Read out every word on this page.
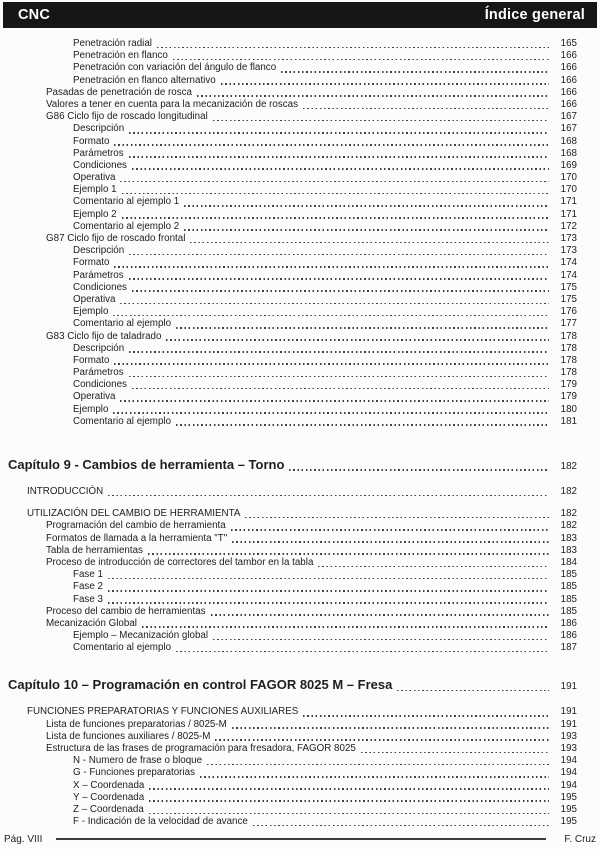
CNC	Índice general
Penetración radial	165
Penetración en flanco	166
Penetración con variación del ángulo de flanco	166
Penetración en flanco alternativo	166
Pasadas de penetración de rosca	166
Valores a tener en cuenta para la mecanización de roscas	166
G86 Ciclo fijo de roscado longitudinal	167
Descripción	167
Formato	168
Parámetros	168
Condiciones	169
Operativa	170
Ejemplo 1	170
Comentario al ejemplo 1	171
Ejemplo 2	171
Comentario al ejemplo 2	172
G87 Ciclo fijo de roscado frontal	173
Descripción	173
Formato	174
Parámetros	174
Condiciones	175
Operativa	175
Ejemplo	176
Comentario al ejemplo	177
G83 Ciclo fijo de taladrado	178
Descripción	178
Formato	178
Parámetros	178
Condiciones	179
Operativa	179
Ejemplo	180
Comentario al ejemplo	181
Capítulo 9 - Cambios de herramienta – Torno	182
INTRODUCCIÓN	182
UTILIZACIÓN DEL CAMBIO DE HERRAMIENTA	182
Programación del cambio de herramienta	182
Formatos de llamada a la herramienta "T"	183
Tabla de herramientas	183
Proceso de introducción de correctores del tambor en la tabla	184
Fase 1	185
Fase 2	185
Fase 3	185
Proceso del cambio de herramientas	185
Mecanización Global	186
Ejemplo – Mecanización global	186
Comentario al ejemplo	187
Capítulo 10 – Programación en control FAGOR 8025 M – Fresa	191
FUNCIONES PREPARATORIAS Y FUNCIONES AUXILIARES	191
Lista de funciones preparatorias / 8025-M	191
Lista de funciones auxiliares / 8025-M	193
Estructura de las frases de programación para fresadora, FAGOR 8025	193
N - Numero de frase o bloque	194
G - Funciones preparatorias	194
X – Coordenada	194
Y – Coordenada	195
Z – Coordenada	195
F - Indicación de la velocidad de avance	195
Pág. VIII	F. Cruz
